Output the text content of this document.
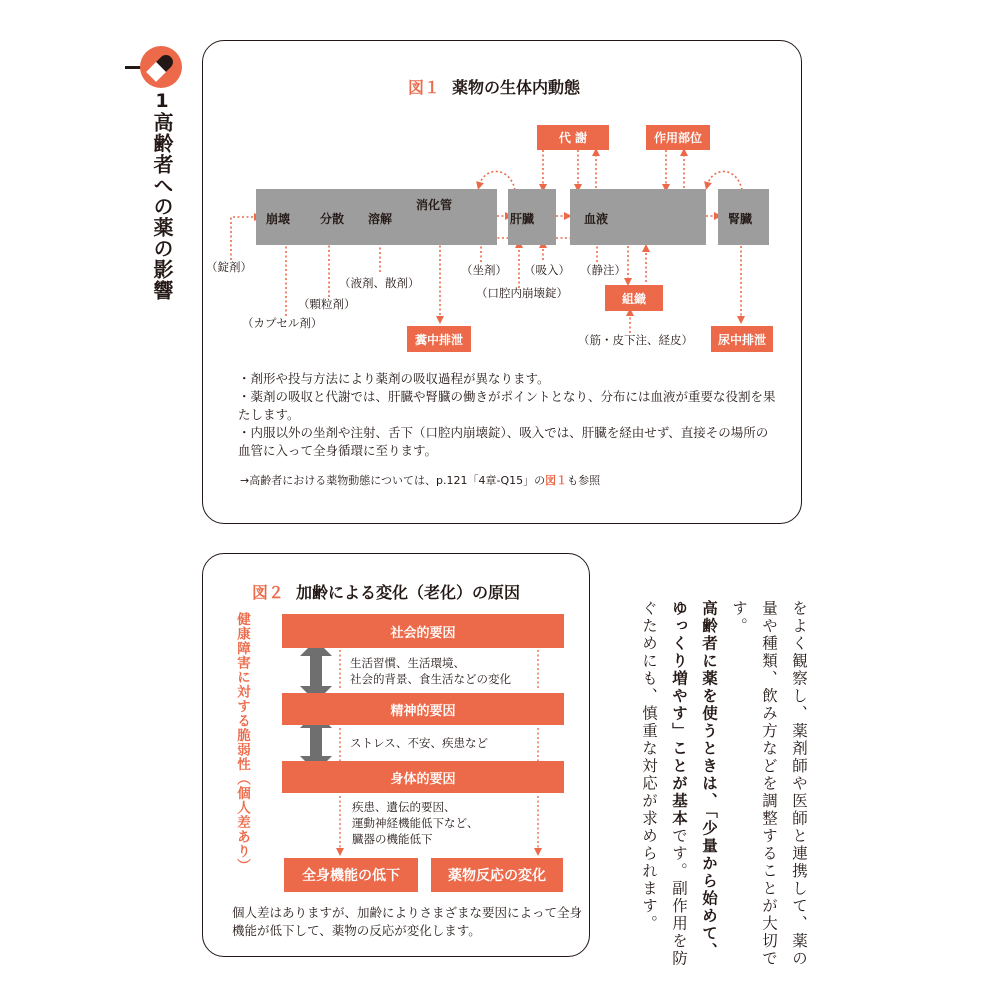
1
高齢者への薬の影響
図１ 薬物の生体内動態
消化管
崩壊 分散 溶解	肝臓	血液	腎臓
代 謝	作用部位
組織
糞中排泄	尿中排泄
（錠剤）
（カプセル剤）
（顆粒剤）
（液剤、散剤）
（坐剤） （吸入）
（口腔内崩壊錠）
（静注）
（筋・皮下注、経皮）
・剤形や投与方法により薬剤の吸収過程が異なります。
・薬剤の吸収と代謝では、肝臓や腎臓の働きがポイントとなり、分布には血液が重要な役割を果たします。
・内服以外の坐剤や注射、舌下（口腔内崩壊錠）、吸入では、肝臓を経由せず、直接その場所の血管に入って全身循環に至ります。
→高齢者における薬物動態については、p.121「4章-Q15」の図１も参照
図２ 加齢による変化（老化）の原因
健康障害に対する脆弱性（個人差あり）	社会的要因
生活習慣、生活環境、
社会的背景、食生活などの変化
精神的要因
ストレス、不安、疾患など
身体的要因
疾患、遺伝的要因、
運動神経機能低下など、
臓器の機能低下
全身機能の低下	薬物反応の変化
個人差はありますが、加齢によりさまざまな要因によって全身機能が低下して、薬物の反応が変化します。	をよく観察し、薬剤師や医師と連携して、薬の量や種類、飲み方などを調整することが大切です。
高齢者に薬を使うときは、「少量から始めて、ゆっくり増やす」ことが基本です。副作用を防ぐためにも、慎重な対応が求められます。
